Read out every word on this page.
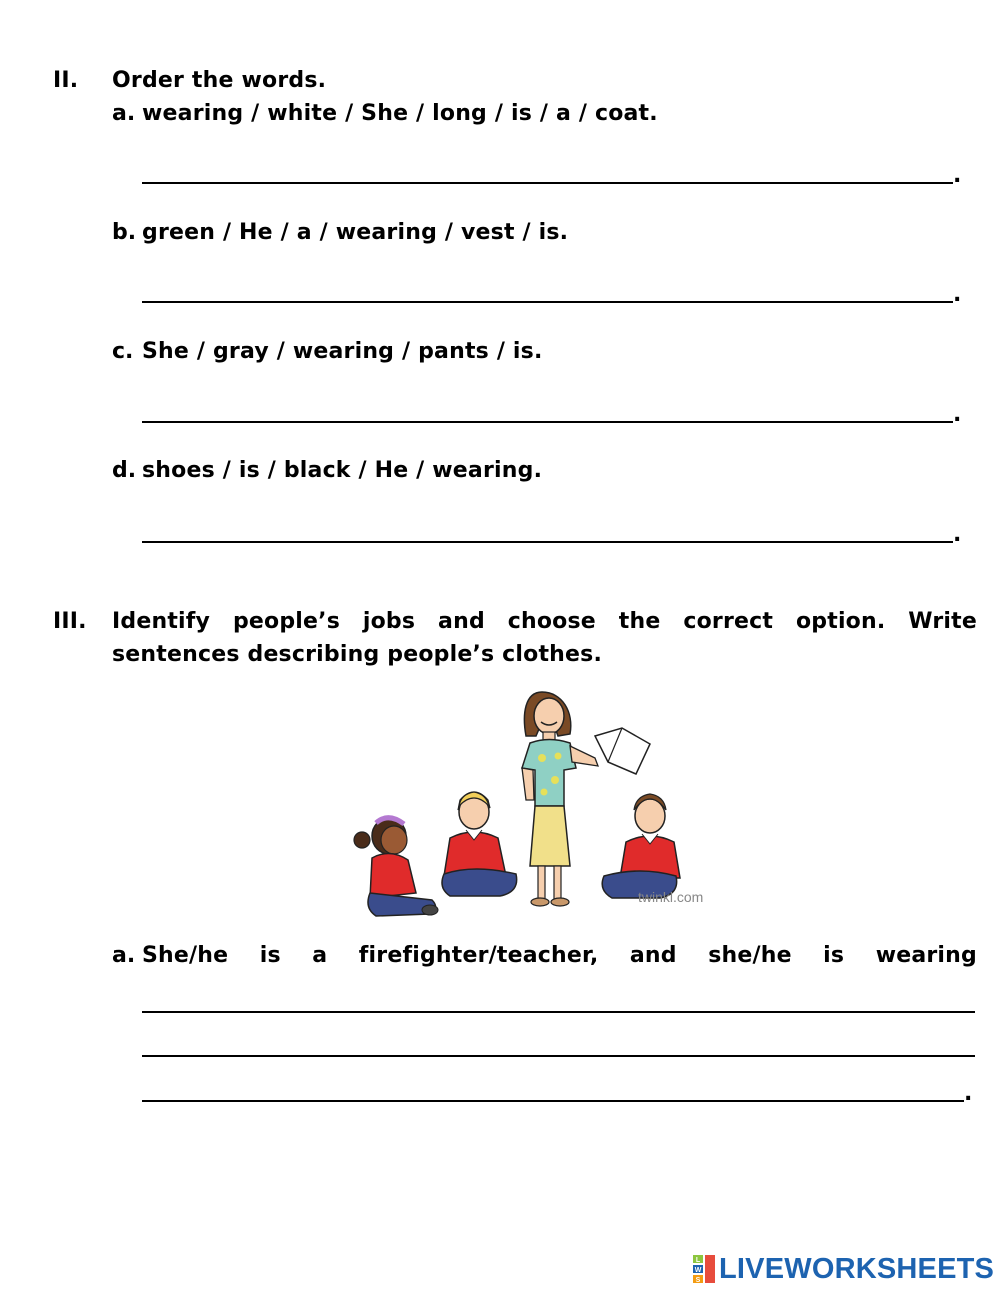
II. Order the words.
a. wearing / white / She / long / is / a / coat.
.
b. green / He / a / wearing / vest / is.
.
c. She / gray / wearing / pants / is.
.
d. shoes / is / black / He / wearing.
.
III. Identify people’s jobs and choose the correct option. Write
sentences describing people’s clothes.
twinkl.com
a. She/he is a firefighter/teacher, and she/he is wearing
.
L
W
S LIVEWORKSHEETS
